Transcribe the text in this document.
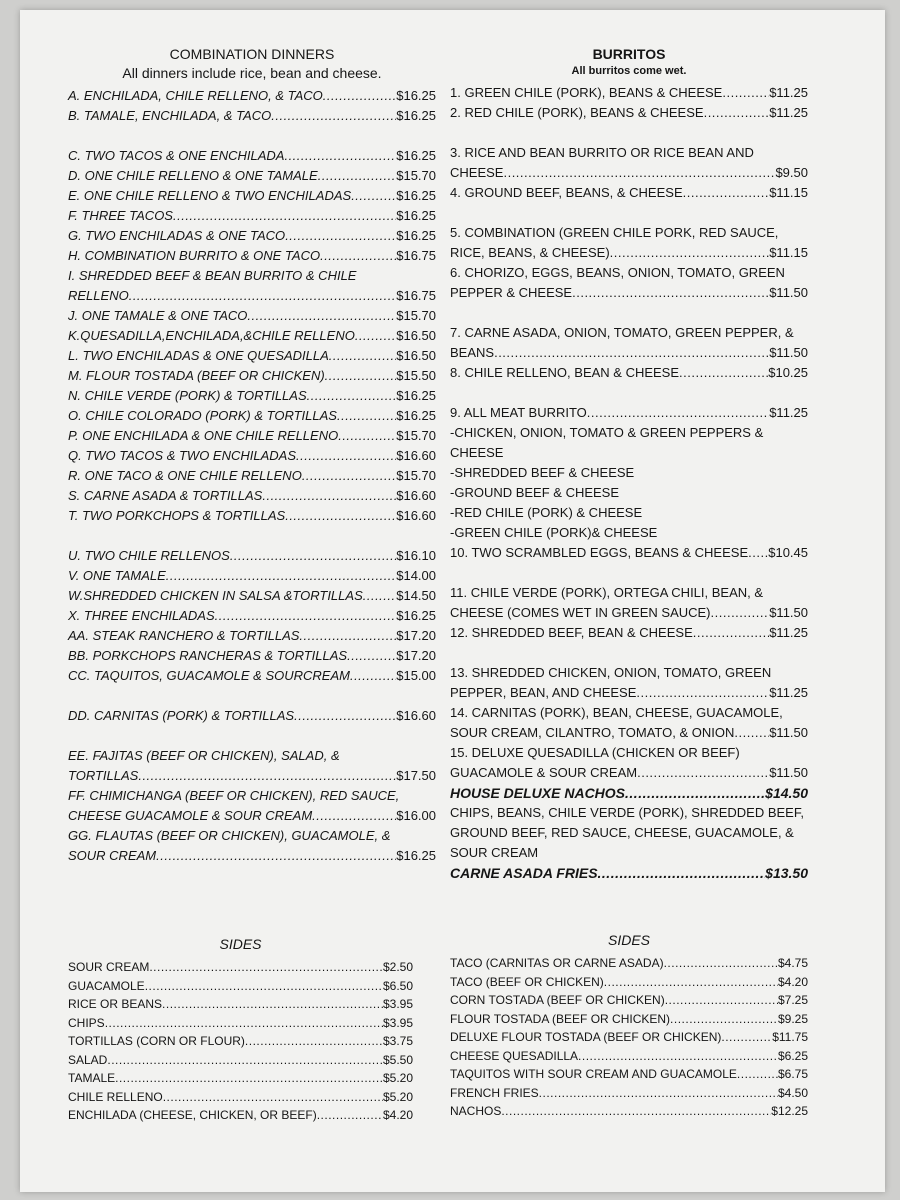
COMBINATION DINNERS
All dinners include rice, bean and cheese.
A. ENCHILADA, CHILE RELLENO, & TACO .....	$16.25
B. TAMALE, ENCHILADA, & TACO .....	$16.25
C. TWO TACOS & ONE ENCHILADA .....	$16.25
D. ONE CHILE RELLENO & ONE TAMALE .....	$15.70
E. ONE CHILE RELLENO & TWO ENCHILADAS .....	$16.25
F. THREE TACOS .....	$16.25
G. TWO ENCHILADAS & ONE TACO .....	$16.25
H. COMBINATION BURRITO & ONE TACO .....	$16.75
I. SHREDDED BEEF & BEAN BURRITO & CHILE
RELLENO .....	$16.75
J. ONE TAMALE & ONE TACO .....	$15.70
K.QUESADILLA,ENCHILADA,&CHILE RELLENO .....	$16.50
L. TWO ENCHILADAS & ONE QUESADILLA .....	$16.50
M. FLOUR TOSTADA (BEEF OR CHICKEN) .....	$15.50
N. CHILE VERDE (PORK) & TORTILLAS .....	$16.25
O. CHILE COLORADO (PORK) & TORTILLAS .....	$16.25
P. ONE ENCHILADA & ONE CHILE RELLENO .....	$15.70
Q. TWO TACOS & TWO ENCHILADAS .....	$16.60
R. ONE TACO & ONE CHILE RELLENO .....	$15.70
S. CARNE ASADA & TORTILLAS .....	$16.60
T. TWO PORKCHOPS & TORTILLAS .....	$16.60
U. TWO CHILE RELLENOS .....	$16.10
V. ONE TAMALE .....	$14.00
W.SHREDDED CHICKEN IN SALSA &TORTILLAS .....	$14.50
X. THREE ENCHILADAS .....	$16.25
AA. STEAK RANCHERO & TORTILLAS .....	$17.20
BB. PORKCHOPS RANCHERAS & TORTILLAS .....	$17.20
CC. TAQUITOS, GUACAMOLE & SOURCREAM .....	$15.00
DD. CARNITAS (PORK) & TORTILLAS .....	$16.60
EE. FAJITAS (BEEF OR CHICKEN), SALAD, &
TORTILLAS .....	$17.50
FF. CHIMICHANGA (BEEF OR CHICKEN), RED SAUCE,
CHEESE GUACAMOLE & SOUR CREAM .....	$16.00
GG. FLAUTAS (BEEF OR CHICKEN), GUACAMOLE, &
SOUR CREAM .....	$16.25
BURRITOS
All burritos come wet.
1. GREEN CHILE (PORK), BEANS & CHEESE .....	$11.25
2. RED CHILE (PORK), BEANS & CHEESE .....	$11.25
3. RICE AND BEAN BURRITO OR RICE BEAN AND
CHEESE .....	$9.50
4. GROUND BEEF, BEANS, & CHEESE .....	$11.15
5. COMBINATION (GREEN CHILE PORK, RED SAUCE,
RICE, BEANS, & CHEESE) .....	$11.15
6. CHORIZO, EGGS, BEANS, ONION, TOMATO, GREEN
PEPPER & CHEESE .....	$11.50
7. CARNE ASADA, ONION, TOMATO, GREEN PEPPER, &
BEANS .....	$11.50
8. CHILE RELLENO, BEAN & CHEESE .....	$10.25
9. ALL MEAT BURRITO .....	$11.25
-CHICKEN, ONION, TOMATO & GREEN PEPPERS & CHEESE
-SHREDDED BEEF & CHEESE
-GROUND BEEF & CHEESE
-RED CHILE (PORK) & CHEESE
-GREEN CHILE (PORK)& CHEESE
10. TWO SCRAMBLED EGGS, BEANS & CHEESE ..... $10.45
11. CHILE VERDE (PORK), ORTEGA CHILI, BEAN, &
CHEESE (COMES WET IN GREEN SAUCE) .....	$11.50
12. SHREDDED BEEF, BEAN & CHEESE .....	$11.25
13. SHREDDED CHICKEN, ONION, TOMATO, GREEN
PEPPER, BEAN, AND CHEESE .....	$11.25
14. CARNITAS (PORK), BEAN, CHEESE, GUACAMOLE,
SOUR CREAM, CILANTRO, TOMATO, & ONION .....	$11.50
15. DELUXE QUESADILLA (CHICKEN OR BEEF)
GUACAMOLE & SOUR CREAM .....	$11.50
HOUSE DELUXE NACHOS .....	$14.50
CHIPS, BEANS, CHILE VERDE (PORK), SHREDDED BEEF, GROUND BEEF, RED SAUCE, CHEESE, GUACAMOLE, & SOUR CREAM
CARNE ASADA FRIES .....	$13.50
SIDES
SOUR CREAM .....	$2.50
GUACAMOLE .....	$6.50
RICE OR BEANS .....	$3.95
CHIPS .....	$3.95
TORTILLAS (CORN OR FLOUR) .....	$3.75
SALAD .....	$5.50
TAMALE .....	$5.20
CHILE RELLENO .....	$5.20
ENCHILADA (CHEESE, CHICKEN, OR BEEF) .....	$4.20
SIDES
TACO (CARNITAS OR CARNE ASADA) .....	$4.75
TACO (BEEF OR CHICKEN) .....	$4.20
CORN TOSTADA (BEEF OR CHICKEN) .....	$7.25
FLOUR TOSTADA (BEEF OR CHICKEN) .....	$9.25
DELUXE FLOUR TOSTADA (BEEF OR CHICKEN) .....	$11.75
CHEESE QUESADILLA .....	$6.25
TAQUITOS WITH SOUR CREAM AND GUACAMOLE .....	$6.75
FRENCH FRIES .....	$4.50
NACHOS .....	$12.25
